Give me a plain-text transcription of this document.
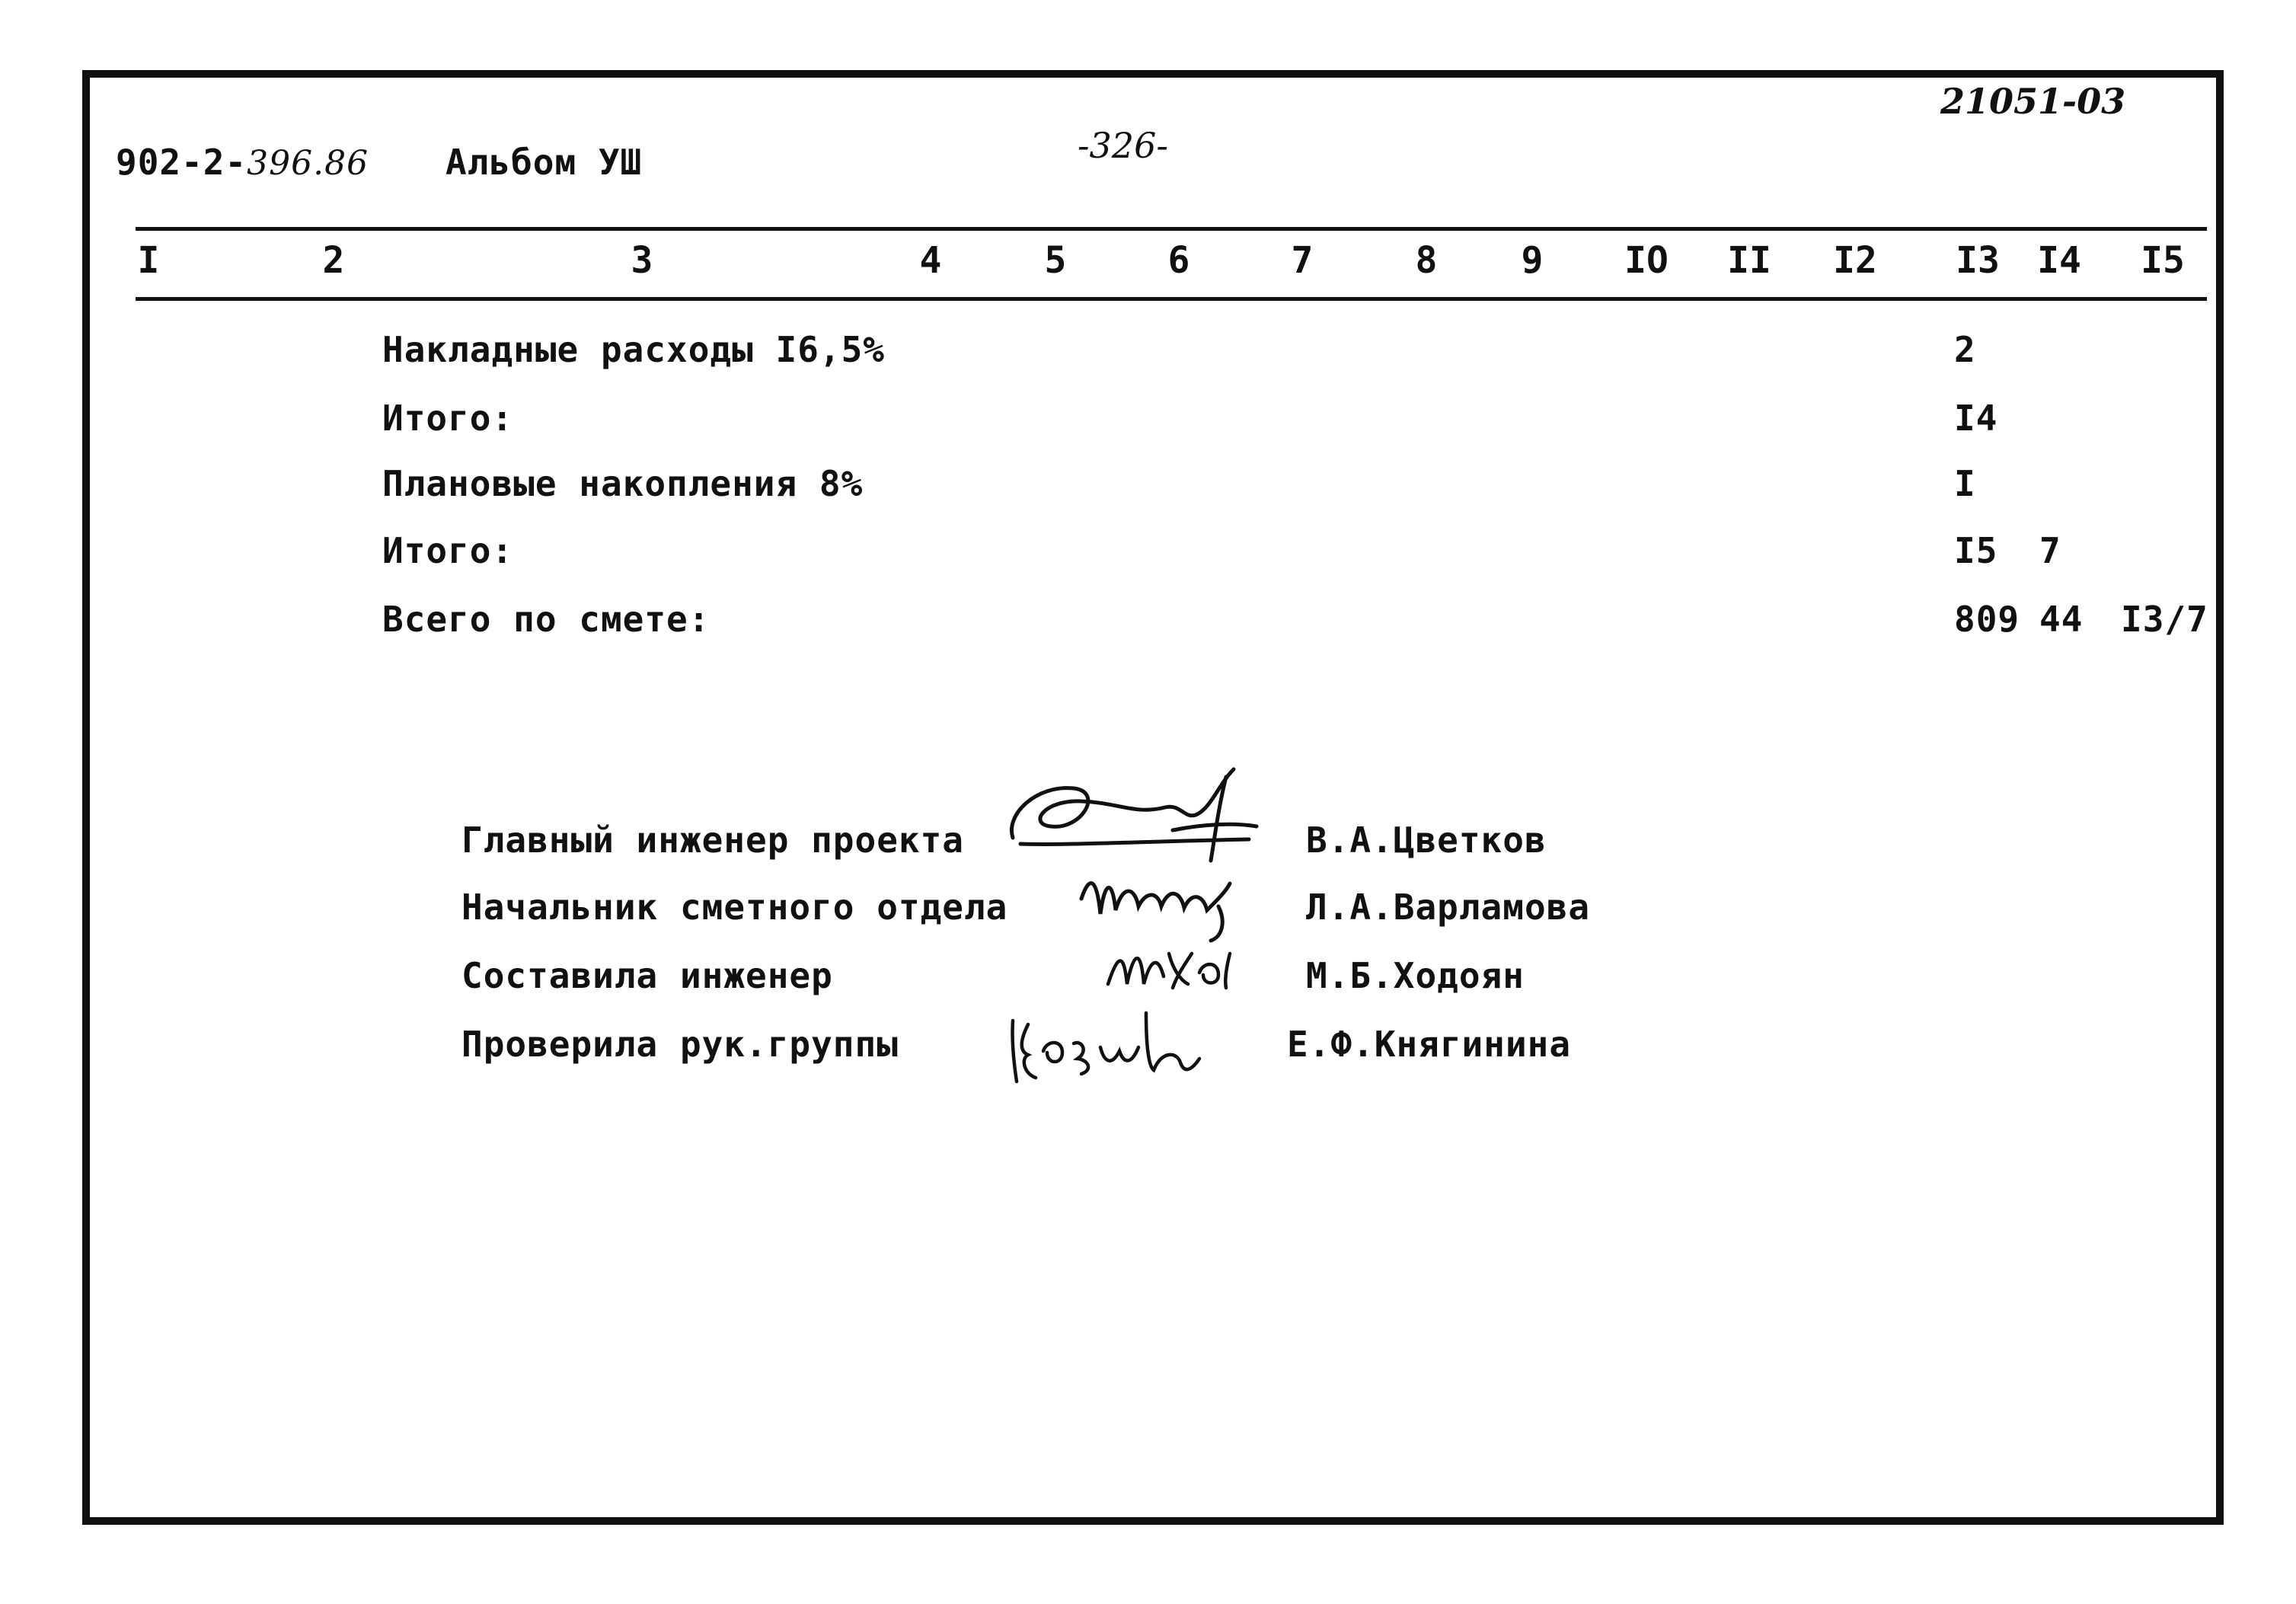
902-2-396.86 Альбом УШ	-326-
21051-03
I	2	3	4	5	6	7	8 9 IO II I2 I3 I4 I5
Накладные расходы I6,5%	2
Итого:	I4
Плановые накопления 8%	I
Итого:	I5 7
Всего по смете:	809 44 I3/7
Главный инженер проекта	В.А.Цветков
Начальник сметного отдела	Л.А.Варламова
Составила инженер	М.Б.Ходоян
Проверила рук.группы	Е.Ф.Княгинина
